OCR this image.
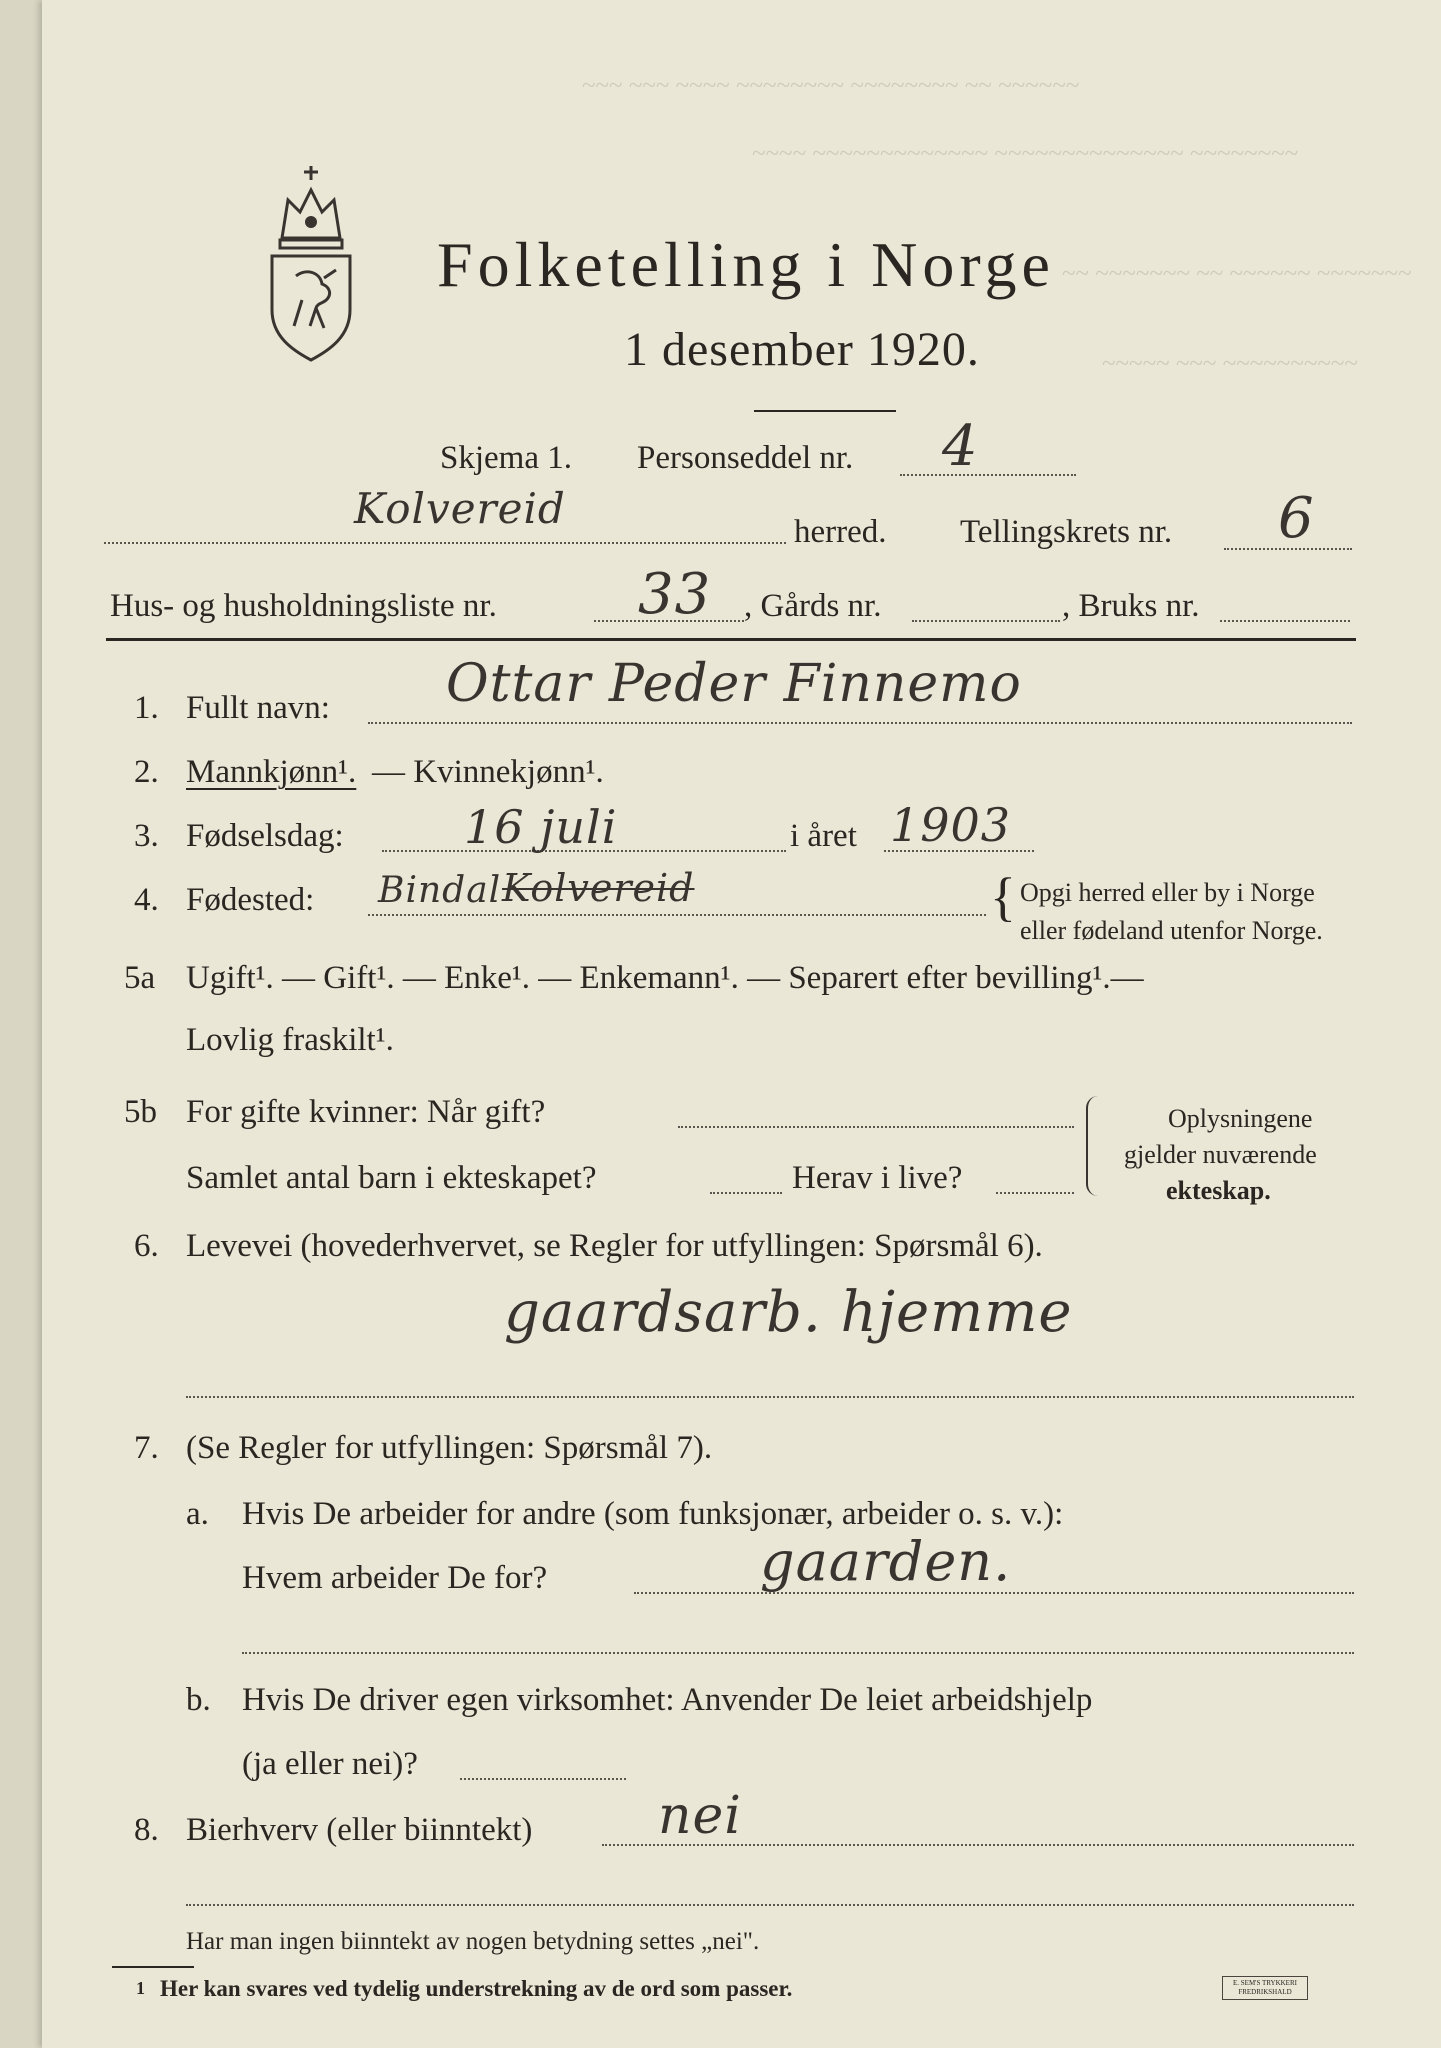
~~~ ~~~ ~~~~ ~~~~~~~~ ~~~~~~~~ ~~ ~~~~~~
~~~~ ~~~~~~~~~~~~~ ~~~~~~~~~~~~~~ ~~~~~~~~
~~ ~~~~~~~ ~~ ~~~~~~ ~~~~~~~
~~~~~ ~~~ ~~~~~~~~~~
Folketelling i Norge
1 desember 1920.
Skjema 1. Personseddel nr. 4
Kolvereid	herred. Tellingskrets nr. 6
Hus- og husholdningsliste nr.	33 , Gårds nr.	, Bruks nr.
1. Fullt navn: Ottar Peder Finnemo
2. Mannkjønn¹. — Kvinnekjønn¹.
3. Fødselsdag:	16 juli	i året 1903
4. Fødested: Bindal Kolvereid	{ Opgi herred eller by i Norge
eller fødeland utenfor Norge.
5a Ugift¹. — Gift¹. — Enke¹. — Enkemann¹. — Separert efter bevilling¹.—
Lovlig fraskilt¹.
5b For gifte kvinner: Når gift?
Samlet antal barn i ekteskapet?	Herav i live?
Oplysningene
gjelder nuværende
ekteskap.
6. Levevei (hovederhvervet, se Regler for utfyllingen: Spørsmål 6).
gaardsarb. hjemme
7. (Se Regler for utfyllingen: Spørsmål 7).
a. Hvis De arbeider for andre (som funksjonær, arbeider o. s. v.):
Hvem arbeider De for?	gaarden.
b. Hvis De driver egen virksomhet: Anvender De leiet arbeidshjelp
(ja eller nei)?
8. Bierhverv (eller biinntekt) nei
Har man ingen biinntekt av nogen betydning settes „nei".
1 Her kan svares ved tydelig understrekning av de ord som passer.	E. SEM'S TRYKKERI
FREDRIKSHALD
